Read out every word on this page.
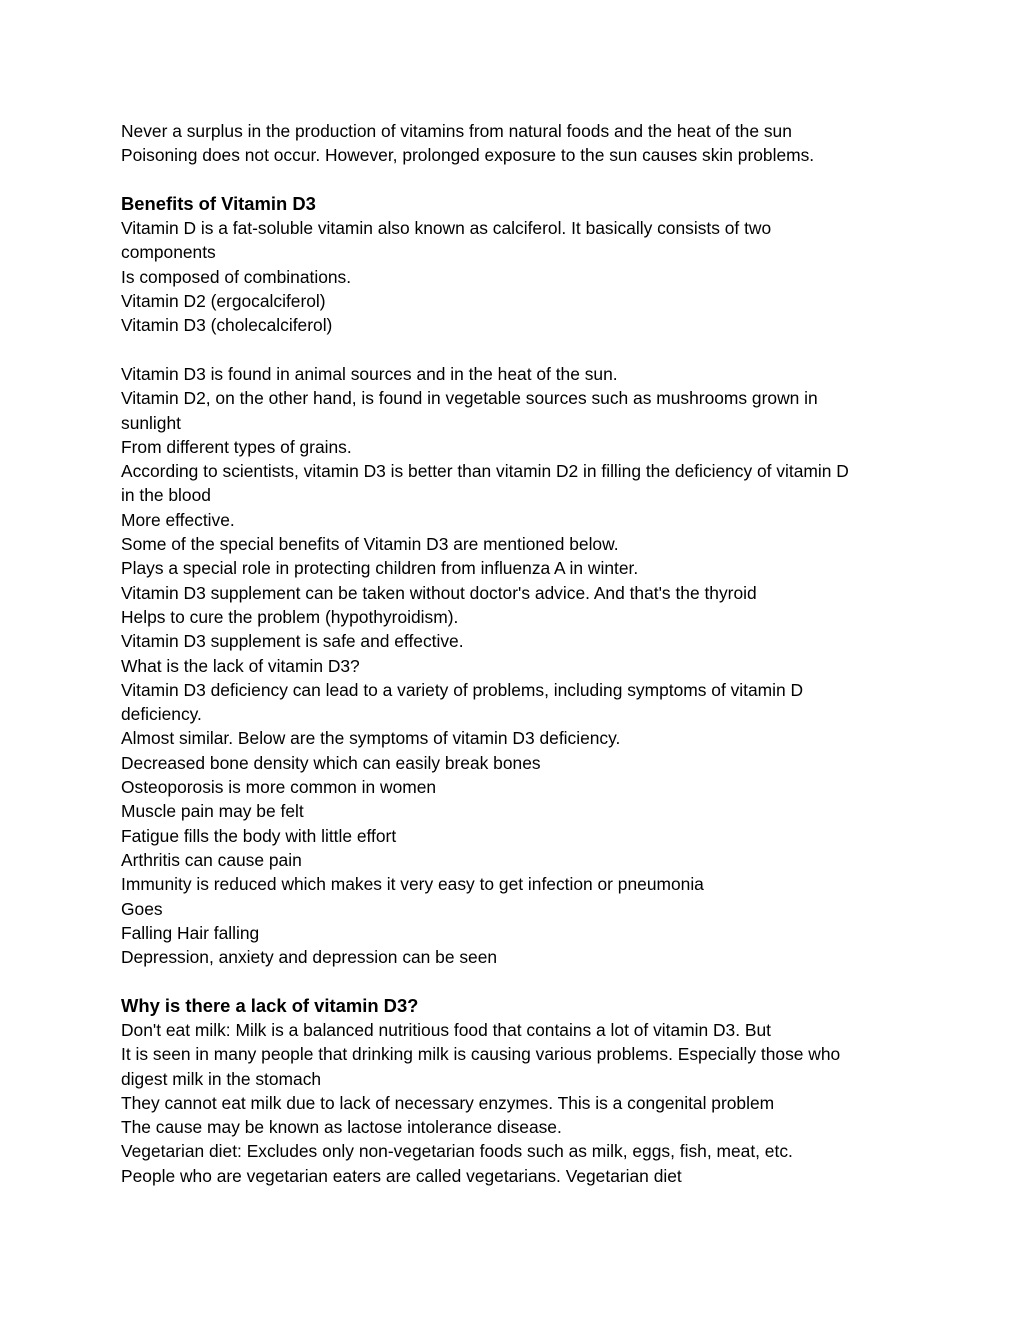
Never a surplus in the production of vitamins from natural foods and the heat of the sun
Poisoning does not occur. However, prolonged exposure to the sun causes skin problems.
Benefits of Vitamin D3
Vitamin D is a fat-soluble vitamin also known as calciferol. It basically consists of two
components
Is composed of combinations.
Vitamin D2 (ergocalciferol)
Vitamin D3 (cholecalciferol)
Vitamin D3 is found in animal sources and in the heat of the sun.
Vitamin D2, on the other hand, is found in vegetable sources such as mushrooms grown in
sunlight
From different types of grains.
According to scientists, vitamin D3 is better than vitamin D2 in filling the deficiency of vitamin D
in the blood
More effective.
Some of the special benefits of Vitamin D3 are mentioned below.
Plays a special role in protecting children from influenza A in winter.
Vitamin D3 supplement can be taken without doctor's advice. And that's the thyroid
Helps to cure the problem (hypothyroidism).
Vitamin D3 supplement is safe and effective.
What is the lack of vitamin D3?
Vitamin D3 deficiency can lead to a variety of problems, including symptoms of vitamin D
deficiency.
Almost similar. Below are the symptoms of vitamin D3 deficiency.
Decreased bone density which can easily break bones
Osteoporosis is more common in women
Muscle pain may be felt
Fatigue fills the body with little effort
Arthritis can cause pain
Immunity is reduced which makes it very easy to get infection or pneumonia
Goes
Falling Hair falling
Depression, anxiety and depression can be seen
Why is there a lack of vitamin D3?
Don't eat milk: Milk is a balanced nutritious food that contains a lot of vitamin D3. But
It is seen in many people that drinking milk is causing various problems. Especially those who
digest milk in the stomach
They cannot eat milk due to lack of necessary enzymes. This is a congenital problem
The cause may be known as lactose intolerance disease.
Vegetarian diet: Excludes only non-vegetarian foods such as milk, eggs, fish, meat, etc.
People who are vegetarian eaters are called vegetarians. Vegetarian diet
